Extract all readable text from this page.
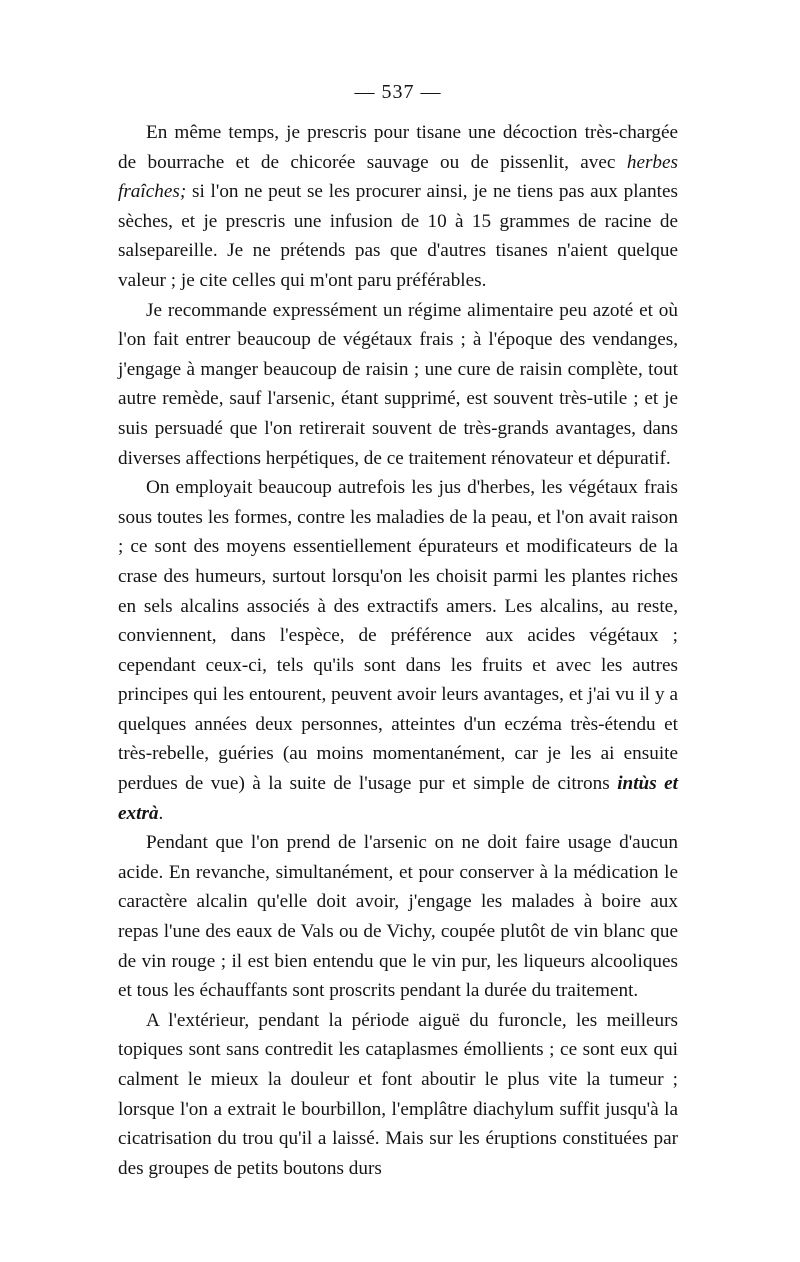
— 537 —

En même temps, je prescris pour tisane une décoction très-chargée de bourrache et de chicorée sauvage ou de pissenlit, avec herbes fraîches; si l'on ne peut se les procurer ainsi, je ne tiens pas aux plantes sèches, et je prescris une infusion de 10 à 15 grammes de racine de salsepareille. Je ne prétends pas que d'autres tisanes n'aient quelque valeur ; je cite celles qui m'ont paru préférables.

Je recommande expressément un régime alimentaire peu azoté et où l'on fait entrer beaucoup de végétaux frais ; à l'époque des vendanges, j'engage à manger beaucoup de raisin ; une cure de raisin complète, tout autre remède, sauf l'arsenic, étant supprimé, est souvent très-utile ; et je suis persuadé que l'on retirerait souvent de très-grands avantages, dans diverses affections herpétiques, de ce traitement rénovateur et dépuratif.

On employait beaucoup autrefois les jus d'herbes, les végétaux frais sous toutes les formes, contre les maladies de la peau, et l'on avait raison ; ce sont des moyens essentiellement épurateurs et modificateurs de la crase des humeurs, surtout lorsqu'on les choisit parmi les plantes riches en sels alcalins associés à des extractifs amers. Les alcalins, au reste, conviennent, dans l'espèce, de préférence aux acides végétaux ; cependant ceux-ci, tels qu'ils sont dans les fruits et avec les autres principes qui les entourent, peuvent avoir leurs avantages, et j'ai vu il y a quelques années deux personnes, atteintes d'un eczéma très-étendu et très-rebelle, guéries (au moins momentanément, car je les ai ensuite perdues de vue) à la suite de l'usage pur et simple de citrons intùs et extrà.

Pendant que l'on prend de l'arsenic on ne doit faire usage d'aucun acide. En revanche, simultanément, et pour conserver à la médication le caractère alcalin qu'elle doit avoir, j'engage les malades à boire aux repas l'une des eaux de Vals ou de Vichy, coupée plutôt de vin blanc que de vin rouge ; il est bien entendu que le vin pur, les liqueurs alcooliques et tous les échauffants sont proscrits pendant la durée du traitement.

A l'extérieur, pendant la période aiguë du furoncle, les meilleurs topiques sont sans contredit les cataplasmes émollients ; ce sont eux qui calment le mieux la douleur et font aboutir le plus vite la tumeur ; lorsque l'on a extrait le bourbillon, l'emplâtre diachylum suffit jusqu'à la cicatrisation du trou qu'il a laissé. Mais sur les éruptions constituées par des groupes de petits boutons durs
